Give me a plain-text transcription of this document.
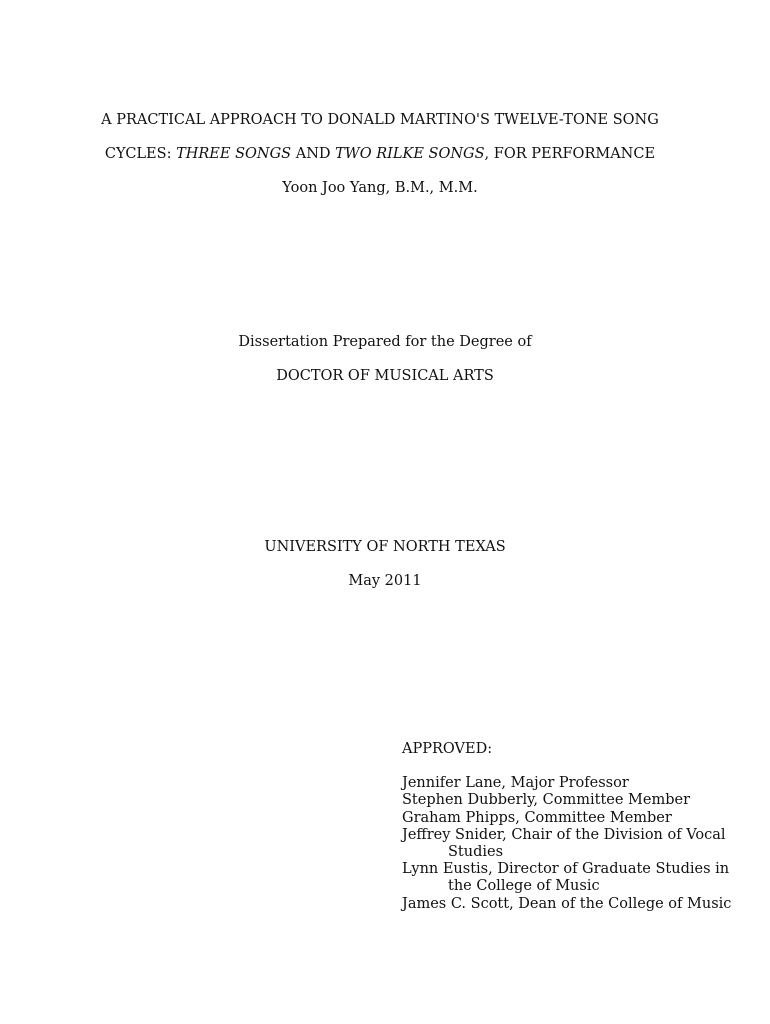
A PRACTICAL APPROACH TO DONALD MARTINO'S TWELVE-TONE SONG
CYCLES: THREE SONGS AND TWO RILKE SONGS, FOR PERFORMANCE
Yoon Joo Yang, B.M., M.M.
Dissertation Prepared for the Degree of
DOCTOR OF MUSICAL ARTS
UNIVERSITY OF NORTH TEXAS
May 2011
APPROVED:
Jennifer Lane, Major Professor
Stephen Dubberly, Committee Member
Graham Phipps, Committee Member
Jeffrey Snider, Chair of the Division of Vocal Studies
Lynn Eustis, Director of Graduate Studies in the College of Music
James C. Scott, Dean of the College of Music
